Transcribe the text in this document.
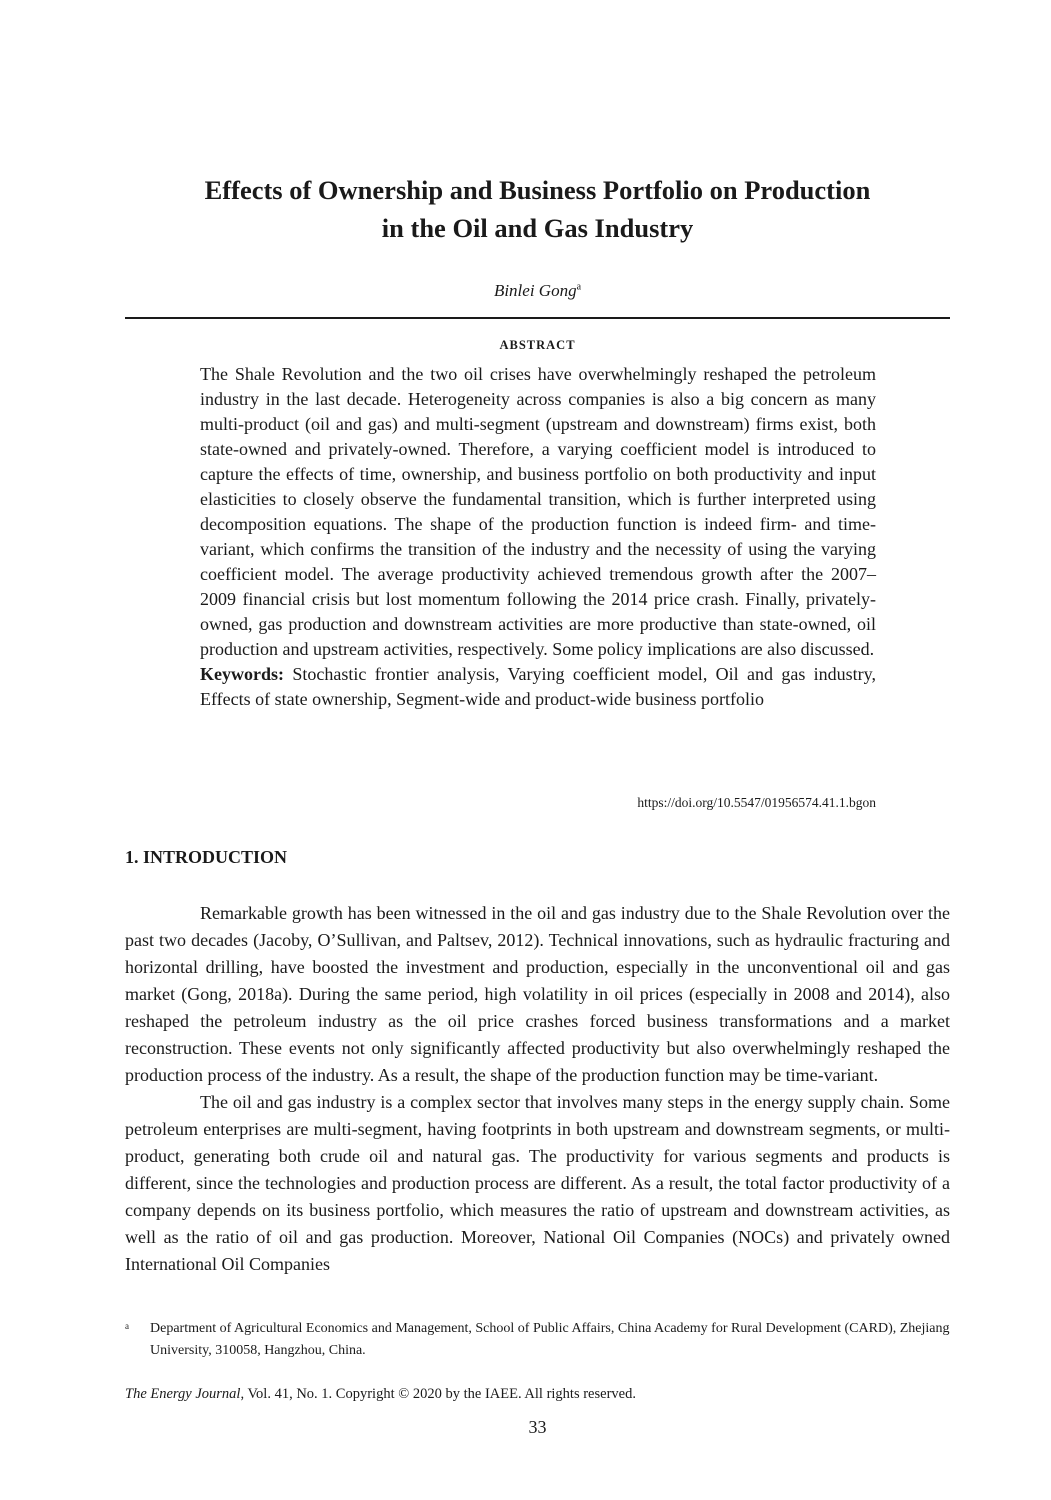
Effects of Ownership and Business Portfolio on Production
in the Oil and Gas Industry
Binlei Gong$^a$
ABSTRACT

The Shale Revolution and the two oil crises have overwhelmingly reshaped the petroleum industry in the last decade. Heterogeneity across companies is also a big concern as many multi-product (oil and gas) and multi-segment (upstream and downstream) firms exist, both state-owned and privately-owned. Therefore, a varying coefficient model is introduced to capture the effects of time, ownership, and business portfolio on both productivity and input elasticities to closely observe the fundamental transition, which is further interpreted using decomposition equations. The shape of the production function is indeed firm- and time-variant, which confirms the transition of the industry and the necessity of using the varying coefficient model. The average productivity achieved tremendous growth after the 2007–2009 financial crisis but lost momentum following the 2014 price crash. Finally, privately-owned, gas production and downstream activities are more productive than state-owned, oil production and upstream activities, respectively. Some policy implications are also discussed.

Keywords: Stochastic frontier analysis, Varying coefficient model, Oil and gas industry, Effects of state ownership, Segment-wide and product-wide business portfolio

https://doi.org/10.5547/01956574.41.1.bgon
1. INTRODUCTION

Remarkable growth has been witnessed in the oil and gas industry due to the Shale Revolution over the past two decades (Jacoby, O’Sullivan, and Paltsev, 2012). Technical innovations, such as hydraulic fracturing and horizontal drilling, have boosted the investment and production, especially in the unconventional oil and gas market (Gong, 2018a). During the same period, high volatility in oil prices (especially in 2008 and 2014), also reshaped the petroleum industry as the oil price crashes forced business transformations and a market reconstruction. These events not only significantly affected productivity but also overwhelmingly reshaped the production process of the industry. As a result, the shape of the production function may be time-variant.

The oil and gas industry is a complex sector that involves many steps in the energy supply chain. Some petroleum enterprises are multi-segment, having footprints in both upstream and downstream segments, or multi-product, generating both crude oil and natural gas. The productivity for various segments and products is different, since the technologies and production process are different. As a result, the total factor productivity of a company depends on its business portfolio, which measures the ratio of upstream and downstream activities, as well as the ratio of oil and gas production. Moreover, National Oil Companies (NOCs) and privately owned International Oil Companies

a Department of Agricultural Economics and Management, School of Public Affairs, China Academy for Rural Development (CARD), Zhejiang University, 310058, Hangzhou, China.
The Energy Journal, Vol. 41, No. 1. Copyright © 2020 by the IAEE. All rights reserved.
33
